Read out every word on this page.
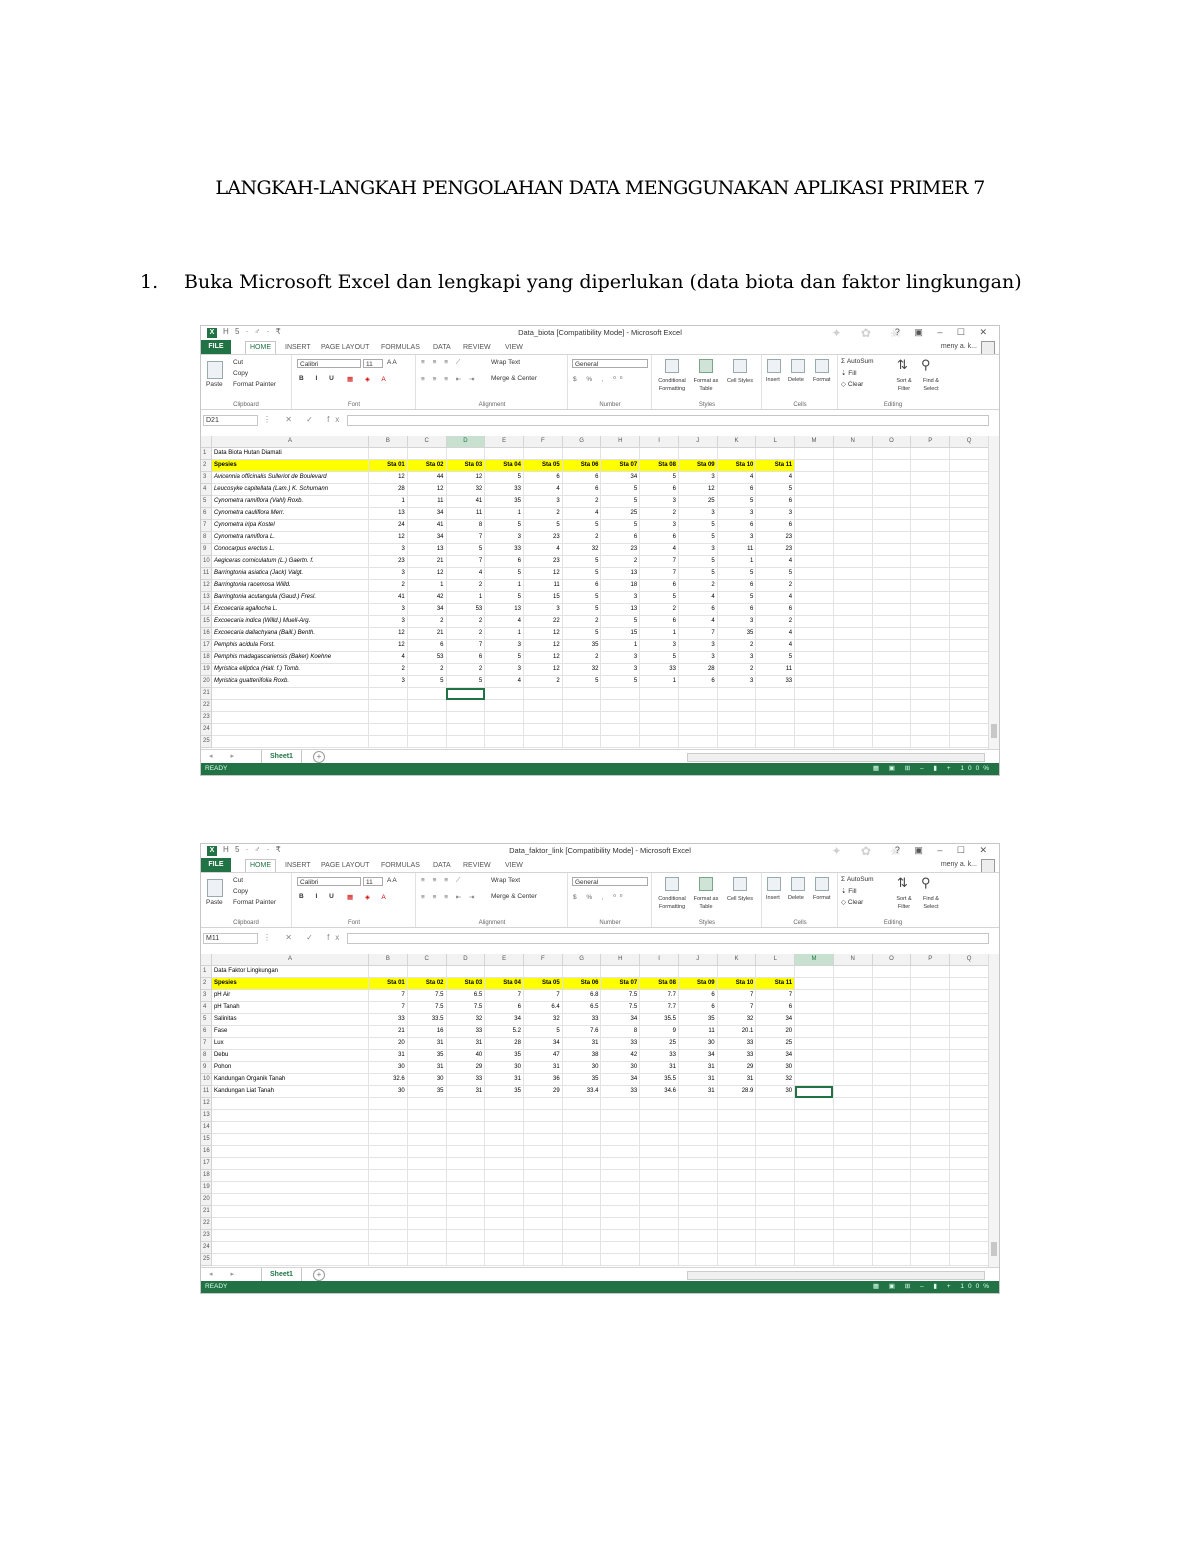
LANGKAH-LANGKAH PENGOLAHAN DATA MENGGUNAKAN APLIKASI PRIMER 7
1. Buka Microsoft Excel dan lengkapi yang diperlukan (data biota dan faktor lingkungan)
X	H 5 · ♂ · ₹	Data_biota [Compatibility Mode] - Microsoft Excel	✦ ✿ ☠
? ▣ – ☐ ✕
FILE	HOME	INSERT	PAGE LAYOUT	FORMULAS	DATA	REVIEW	VIEW	meny a. k...
Paste
Cut
Copy
Format Painter
Clipboard
Calibri	11	A A
B I U ▦ ◈ A
Font
≡ ≡ ≡ ⟋
≡ ≡ ≡ ⇤ ⇥
Wrap Text
Merge & Center
Alignment
General
$ % ‚ ⁰⁰
Number
Conditional Formatting
Format as Table
Cell Styles
Styles
Insert Delete Format
Cells
Σ AutoSum
⇣ Fill
◇ Clear
⇅ ⚲
Sort & Filter
Find & Select
Editing
D21	⋮ ✕ ✓ fx
	A	B	C	D	E	F	G	H	I	J	K	L	M	N	O	P	Q
1	Data Biota Hutan Diamati																
2	Spesies	Sta 01	Sta 02	Sta 03	Sta 04	Sta 05	Sta 06	Sta 07	Sta 08	Sta 09	Sta 10	Sta 11					
3	Avicennia officinalis Sulleriot de Boulevard	12	44	12	5	6	6	34	5	3	4	4					
4	Leucosyke capitellata (Lam.) K. Schumann	28	12	32	33	4	6	5	6	12	6	5					
5	Cynometra ramiflora (Vahl) Roxb.	1	11	41	35	3	2	5	3	25	5	6					
6	Cynometra cauliflora Merr.	13	34	11	1	2	4	25	2	3	3	3					
7	Cynometra iripa Kostel	24	41	8	5	5	5	5	3	5	6	6					
8	Cynometra ramiflora L.	12	34	7	3	23	2	6	6	5	3	23					
9	Conocarpus erectus L.	3	13	5	33	4	32	23	4	3	11	23					
10	Aegiceras corniculatum (L.) Gaertn. f.	23	21	7	6	23	5	2	7	5	1	4					
11	Barringtonia asiatica (Jack) Valgt.	3	12	4	5	12	5	13	7	5	5	5					
12	Barringtonia racemosa Willd.	2	1	2	1	11	6	18	6	2	6	2					
13	Barringtonia acutangula (Gaud.) Fresl.	41	42	1	5	15	5	3	5	4	5	4					
14	Excoecaria agallocha L.	3	34	53	13	3	5	13	2	6	6	6					
15	Excoecaria indica (Willd.) Muell-Arg.	3	2	2	4	22	2	5	6	4	3	2					
16	Excoecaria dallachyana (Baill.) Benth.	12	21	2	1	12	5	15	1	7	35	4					
17	Pemphis acidula Forst.	12	6	7	3	12	35	1	3	3	2	4					
18	Pemphis madagascariensis (Baker) Koehne	4	53	6	5	12	2	3	5	3	3	5					
19	Myristica elliptica (Hall. f.) Tomb.	2	2	2	3	12	32	3	33	28	2	11					
20	Myristica guatteriifolia Roxb.	3	5	5	4	2	5	5	1	6	3	33					
21																	
22																	
23																	
24																	
25																	
◂ ▸	Sheet1	+
READY	▦ ▣ ⊞ – ▮ + 100%
X	H 5 · ♂ · ₹	Data_faktor_link [Compatibility Mode] - Microsoft Excel	✦ ✿ ☠
? ▣ – ☐ ✕
FILE	HOME	INSERT	PAGE LAYOUT	FORMULAS	DATA	REVIEW	VIEW	meny a. k...
Paste
Cut
Copy
Format Painter
Clipboard
Calibri	11	A A
B I U ▦ ◈ A
Font
≡ ≡ ≡ ⟋
≡ ≡ ≡ ⇤ ⇥
Wrap Text
Merge & Center
Alignment
General
$ % ‚ ⁰⁰
Number
Conditional Formatting
Format as Table
Cell Styles
Styles
Insert Delete Format
Cells
Σ AutoSum
⇣ Fill
◇ Clear
⇅ ⚲
Sort & Filter
Find & Select
Editing
M11	⋮ ✕ ✓ fx
	A	B	C	D	E	F	G	H	I	J	K	L	M	N	O	P	Q
1	Data Faktor Lingkungan																
2	Spesies	Sta 01	Sta 02	Sta 03	Sta 04	Sta 05	Sta 06	Sta 07	Sta 08	Sta 09	Sta 10	Sta 11					
3	pH Air	7	7.5	6.5	7	7	6.8	7.5	7.7	6	7	7					
4	pH Tanah	7	7.5	7.5	6	6.4	6.5	7.5	7.7	6	7	6					
5	Salinitas	33	33.5	32	34	32	33	34	35.5	35	32	34					
6	Fase	21	16	33	5.2	5	7.6	8	9	11	20.1	20					
7	Lux	20	31	31	28	34	31	33	25	30	33	25					
8	Debu	31	35	40	35	47	38	42	33	34	33	34					
9	Pohon	30	31	29	30	31	30	30	31	31	29	30					
10	Kandungan Organik Tanah	32.6	30	33	31	36	35	34	35.5	31	31	32					
11	Kandungan Liat Tanah	30	35	31	35	29	33.4	33	34.6	31	28.9	30					
12																	
13																	
14																	
15																	
16																	
17																	
18																	
19																	
20																	
21																	
22																	
23																	
24																	
25																	
◂ ▸	Sheet1	+
READY	▦ ▣ ⊞ – ▮ + 100%
